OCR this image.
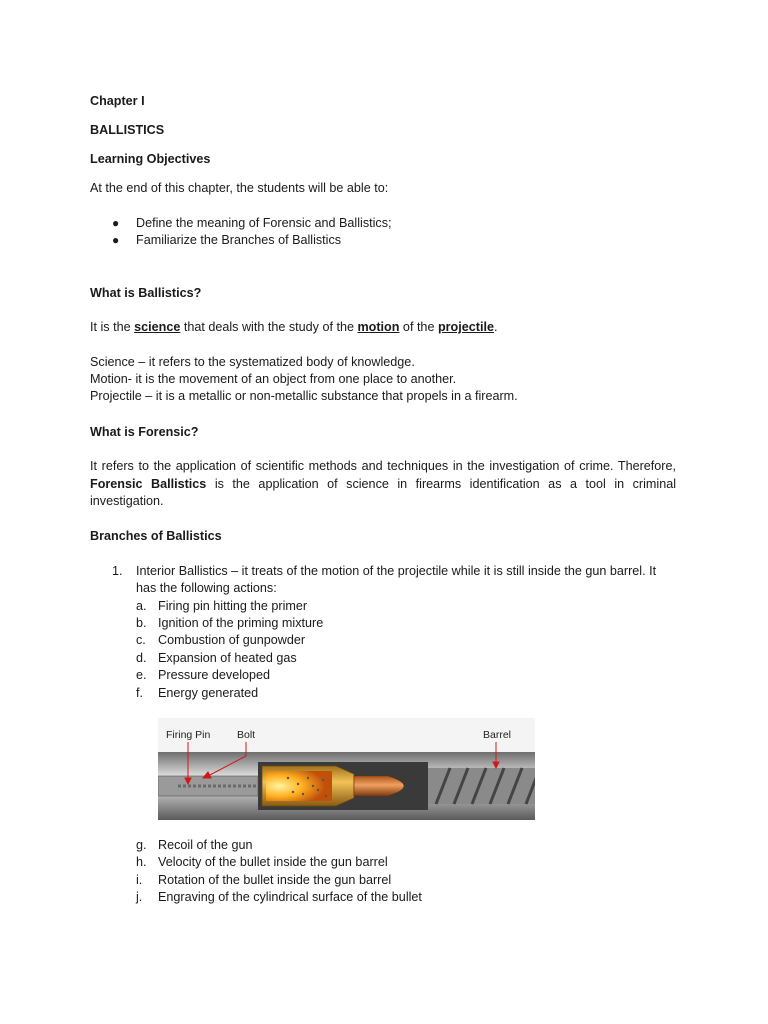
Chapter I
BALLISTICS
Learning Objectives
At the end of this chapter, the students will be able to:
● Define the meaning of Forensic and Ballistics;
● Familiarize the Branches of Ballistics
What is Ballistics?
It is the science that deals with the study of the motion of the projectile.
Science – it refers to the systematized body of knowledge.
Motion- it is the movement of an object from one place to another.
Projectile – it is a metallic or non-metallic substance that propels in a firearm.
What is Forensic?
It refers to the application of scientific methods and techniques in the investigation of crime. Therefore, Forensic Ballistics is the application of science in firearms identification as a tool in criminal investigation.
Branches of Ballistics
1. Interior Ballistics – it treats of the motion of the projectile while it is still inside the gun barrel. It
has the following actions:
a. Firing pin hitting the primer
b. Ignition of the priming mixture
c. Combustion of gunpowder
d. Expansion of heated gas
e. Pressure developed
f. Energy generated
Firing Pin	Bolt	Barrel
g. Recoil of the gun
h. Velocity of the bullet inside the gun barrel
i. Rotation of the bullet inside the gun barrel
j. Engraving of the cylindrical surface of the bullet
